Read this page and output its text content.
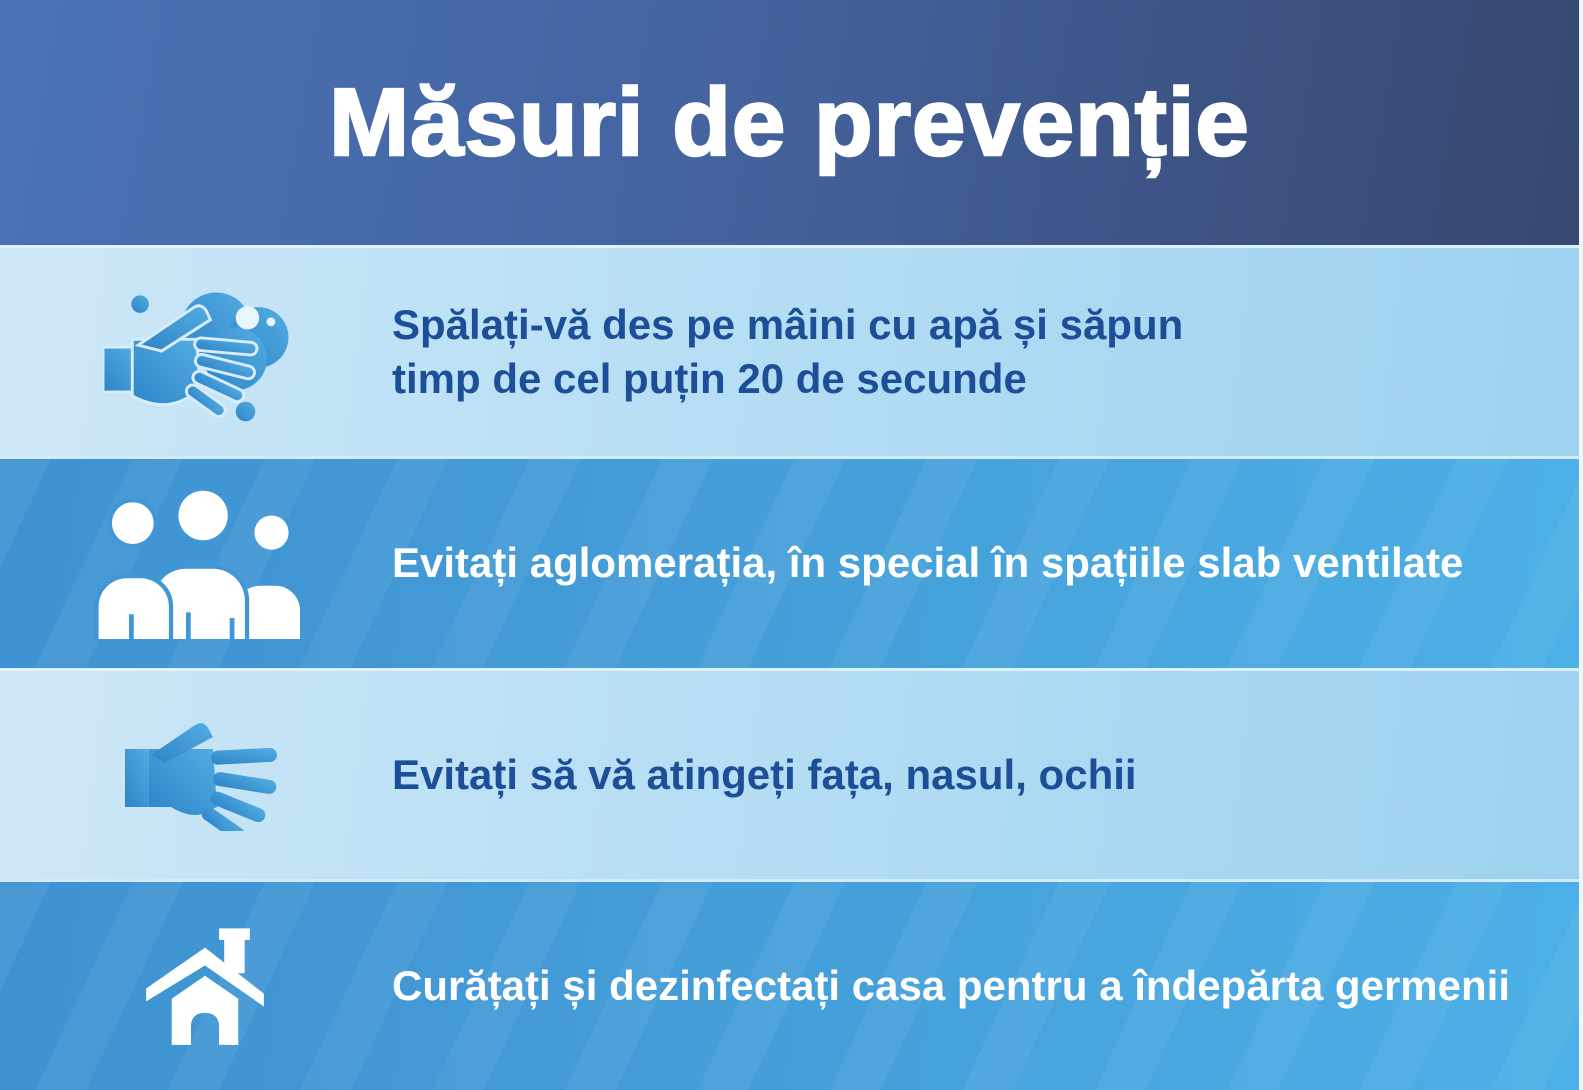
Măsuri de prevenție
Spălați-vă des pe mâini cu apă și săpun
timp de cel puțin 20 de secunde
Evitați aglomerația, în special în spațiile slab ventilate
Evitați să vă atingeți fața, nasul, ochii
Curățați și dezinfectați casa pentru a îndepărta germenii
